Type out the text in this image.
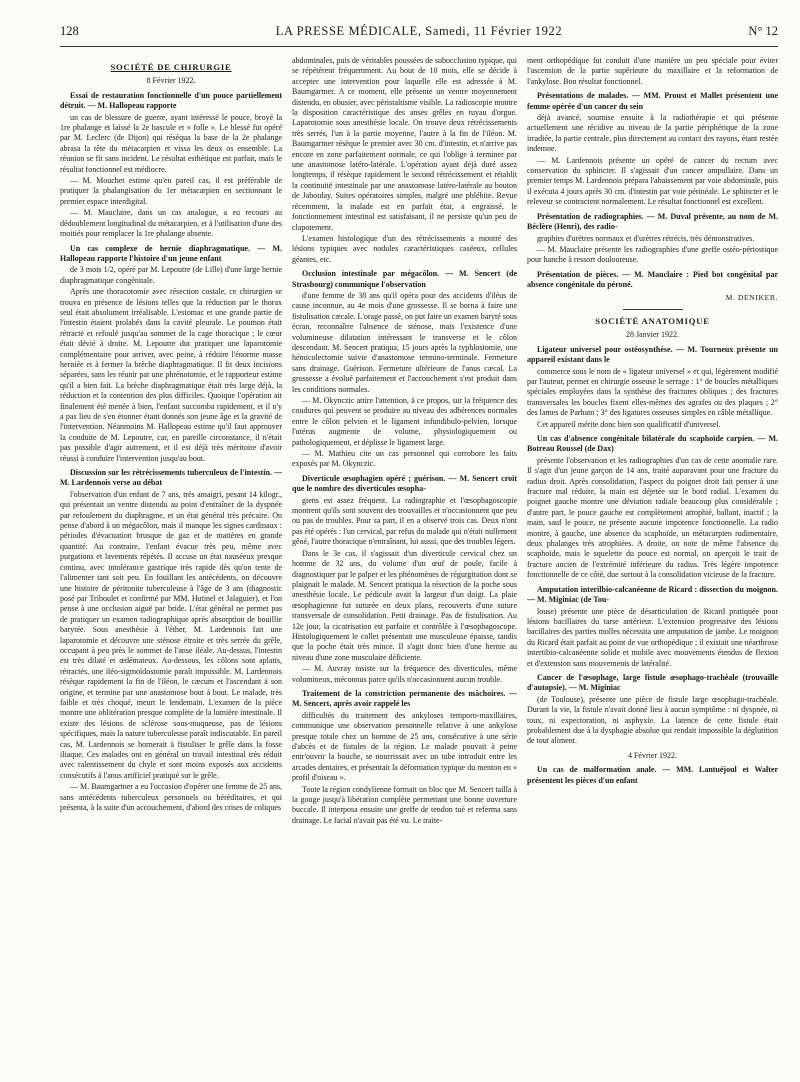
128	LA PRESSE MÉDICALE, Samedi, 11 Février 1922	N° 12
SOCIÉTÉ DE CHIRURGIE
8 Février 1922.

Essai de restauration fonctionnelle d'un pouce partiellement détruit. — M. Hallopeau rapporte

un cas de blessure de guerre, ayant intéressé le pouce, broyé la 1re phalange et laissé la 2e bascule et « folle ». Le blessé fut opéré par M. Leclerc (de Dijon) qui réséqua la base de la 2e phalange abrasa la tête du métacarpien et vissa les deux os ensemble. La réunion se fit sans incident. Le résultat esthétique est parfait, mais le résultat fonctionnel est médiocre.

— M. Mouchet estime qu'en pareil cas, il est préférable de pratiquer la phalangisation du 1er métacarpien en sectionnant le premier espace interdigital.

— M. Mauclaire, dans un cas analogue, a eu recours au dédoublement longitudinal du métacarpien, et à l'utilisation d'une des moitiés pour remplacer la 1re phalange absente.

Un cas complexe de hernie diaphragmatique. — M. Hallopeau rapporte l'histoire d'un jeune enfant

de 3 mois 1/2, opéré par M. Lepoutre (de Lille) d'une large hernie diaphragmatique congénitale.

Après une thoracotomie avec résection costale, ce chirurgien se trouva en présence de lésions telles que la réduction par le thorax seul était absolument irréalisable. L'estomac et une grande partie de l'intestin étaient prolabés dans la cavité pleurale. Le poumon était rétracté et refoulé jusqu'au sommet de la cage thoracique ; le cœur était dévié à droite. M. Lepoutre dut pratiquer une laparotomie complémentaire pour arriver, avec peine, à réduire l'énorme masse herniée et à fermer la brèche diaphragmatique. Il fit deux incisions séparées, sans les réunir par une phrénotomie, et le rapporteur estime qu'il a bien fait. La brèche diaphragmatique était très large déjà, la réduction et la contention des plus difficiles. Quoique l'opération ait finalement été menée à bien, l'enfant succomba rapidement, et il n'y a pas lieu de s'en étonner étant donnés son jeune âge et la gravité de l'intervention. Néanmoins M. Hallopeau estime qu'il faut approuver la conduite de M. Lepoutre, car, en pareille circonstance, il n'était pas possible d'agir autrement, et il est déjà très méritoire d'avoir réussi à conduire l'intervention jusqu'au bout.

Discussion sur les rétrécissements tuberculeux de l'intestin. — M. Lardennois verse au débat

l'observation d'un enfant de 7 ans, très amaigri, pesant 14 kilogr., qui présentait un ventre distendu au point d'entraîner de la dyspnée par refoulement du diaphragme, et un état général très précaire. On pense d'abord à un mégacôlon, mais il manque les signes cardinaux : périodes d'évacuation brusque de gaz et de matières en grande quantité. Au contraire, l'enfant évacue très peu, même avec purgations et lavements répétés. Il accuse un état nauséeux presque continu, avec intolérance gastrique très rapide dès qu'on tente de l'alimenter tant soit peu. En fouillant les antécédents, on découvre une histoire de péritonite tuberculeuse à l'âge de 3 ans (diagnostic posé par Triboulet et confirmé par MM. Hutinel et Jalaguier), et l'on pense à une occlusion aiguë par bride. L'état général ne permet pas de pratiquer un examen radiographique après absorption de bouillie barytée. Sous anesthésie à l'éther, M. Lardennois fait une laparotomie et découvre une sténose étroite et très serrée du grêle, occupant à peu près le sommet de l'anse iléale. Au-dessus, l'intestin est très dilaté et œdémateux. Au-dessous, les côlons sont aplatis, rétractés, une iléo-sigmoïdostomie paraît impossible. M. Lardennois résèque rapidement la fin de l'iléon, le cæcum et l'ascendant à son origine, et termine par une anastomose bout à bout. Le malade, très faible et très choqué, meurt le lendemain. L'examen de la pièce montre une oblitération presque complète de la lumière intestinale. Il existe des lésions de sclérose sous-muqueuse, pas de lésions spécifiques, mais la nature tuberculeuse paraît indiscutable. En pareil cas, M. Lardennois se bornerait à fistuliser le grêle dans la fosse iliaque. Ces malades ont en général un travail intestinal très réduit avec ralentissement du chyle et sont moins exposés aux accidents consécutifs à l'anus artificiel pratiqué sur le grêle.

— M. Baumgartner a eu l'occasion d'opérer une femme de 25 ans, sans antécédents tuberculeux personnels ou héréditaires, et qui présenta, à la suite d'un accouchement, d'abord des crises de coliques

abdominales, puis de véritables poussées de subocclusion typique, qui se répétèrent fréquemment. Au bout de 10 mois, elle se décide à accepter une intervention pour laquelle elle est adressée à M. Baumgartner. A ce moment, elle présente un ventre moyennement distendu, en obusier, avec péristaltisme visible. La radioscopie montre la disposition caractéristique des anses grêles en tuyau d'orgue. Laparotomie sous anesthésie locale. On trouve deux rétrécissements très serrés, l'un à la partie moyenne, l'autre à la fin de l'iléon. M. Baumgartner résèque le premier avec 30 cm. d'intestin, et n'arrive pas encore en zone parfaitement normale, ce qui l'oblige à terminer par une anastomose latéro-latérale. L'opération ayant déjà duré assez longtemps, il résèque rapidement le second rétrécissement et rétablit la continuité intestinale par une anastomose latéro-latérale au bouton de Jaboulay. Suites opératoires simples, malgré une phlébite. Revue récemment, la malade est en parfait état, a engraissé, le fonctionnement intestinal est satisfaisant, il ne persiste qu'un peu de clapotement.

L'examen histologique d'un des rétrécissements a montré des lésions typiques avec nodules caractéristiques caséeux, cellules géantes, etc.

Occlusion intestinale par mégacôlon. — M. Sencert (de Strasbourg) communique l'observation

d'une femme de 38 ans qu'il opéra pour des accidents d'iléus de cause inconnue, au 4e mois d'une grossesse. Il se borna à faire une fistulisation cæcale. L'orage passé, on put faire un examen baryté sous écran, reconnaître l'absence de sténose, mais l'existence d'une volumineuse dilatation intéressant le transverse et le côlon descendant. M. Sencert pratiqua, 15 jours après la typhlostomie, une hémicolectomie suivie d'anastomose termino-terminale. Fermeture sans drainage. Guérison. Fermeture ultérieure de l'anus cæcal. La grossesse a évolué parfaitement et l'accouchement s'est produit dans les conditions normales.

— M. Okynczic attire l'attention, à ce propos, sur la fréquence des coudures qui peuvent se produire au niveau des adhérences normales entre le côlon pelvien et le ligament infundibulo-pelvien, lorsque l'utérus augmente de volume, physiologiquement ou pathologiquement, et déplisse le ligament large.

— M. Mathieu cite un cas personnel qui corrobore les faits exposés par M. Okynczic.

Diverticule œsophagien opéré ; guérison. — M. Sencert croit que le nombre des diverticules œsopha-

giens est assez fréquent. La radiographie et l'œsophagoscopie montrent qu'ils sont souvent des trouvailles et n'occasionnent que peu ou pas de troubles. Pour sa part, il en a observé trois cas. Deux n'ont pas été opérés : l'un cervical, par refus du malade qui n'était nullement gêné, l'autre thoracique n'entraînant, lui aussi, que des troubles légers.

Dans le 3e cas, il s'agissait d'un diverticule cervical chez un homme de 32 ans, du volume d'un œuf de poule, facile à diagnostiquer par le palper et les phénomènes de régurgitation dont se plaignait le malade. M. Sencert pratiqua la résection de la poche sous anesthésie locale. Le pédicule avait la largeur d'un doigt. La plaie œsophagienne fut suturée en deux plans, recouverts d'une suture transversale de consolidation. Petit drainage. Pas de fistulisation. Au 12e jour, la cicatrisation est parfaite et contrôlée à l'œsophagoscope. Histologiquement le collet présentait une musculeuse épaisse, tandis que la poche était très mince. Il s'agit donc bien d'une hernie au niveau d'une zone musculaire déficiente.

— M. Auvray insiste sur la fréquence des diverticules, même volumineux, méconnus parce qu'ils n'occasionnent aucun trouble.

Traitement de la constriction permanente des mâchoires. — M. Sencert, après avoir rappelé les

difficultés du traitement des ankyloses temporo-maxillaires, communique une observation personnelle relative à une ankylose presque totale chez un homme de 25 ans, consécutive à une série d'abcès et de fistules de la région. Le malade pouvait à peine entr'ouvrir la bouche, se nourrissait avec un tube introduit entre les arcades dentaires, et présentait la déformation typique du menton en « profil d'oiseau ».

Toute la région condylienne formait un bloc que M. Sencert tailla à la gouge jusqu'à libération complète permettant une bonne ouverture buccale. Il interposa ensuite une greffe de tendon tué et referma sans drainage. Le facial n'avait pas été vu. Le traite-

ment orthopédique fut conduit d'une manière un peu spéciale pour éviter l'ascension de la partie supérieure du maxillaire et la reformation de l'ankylose. Bon résultat fonctionnel.

Présentations de malades. — MM. Proust et Mallet présentent une femme opérée d'un cancer du sein

déjà avancé, soumise ensuite à la radiothérapie et qui présente actuellement une récidive au niveau de la partie périphérique de la zone irradiée, la partie centrale, plus directement au contact des rayons, étant restée indemne.

— M. Lardennois présente un opéré de cancer du rectum avec conservation du sphincter. Il s'agissait d'un cancer ampullaire. Dans un premier temps M. Lardennois prépara l'abaissement par voie abdominale, puis il exécuta 4 jours après 30 cm. d'intestin par voie périnéale. Le sphincter et le releveur se contractent normalement. Le résultat fonctionnel est excellent.

Présentation de radiographies. — M. Duval présente, au nom de M. Béclère (Henri), des radio-

graphies d'urètres normaux et d'urètres rétrécis, très démonstratives.

— M. Mauclaire présente les radiographies d'une greffe ostéo-périostique pour hanche à ressort douloureuse.

Présentation de pièces. — M. Mauclaire : Pied bot congénital par absence congénitale du péroné.

M. DENIKER.
SOCIÉTÉ ANATOMIQUE
28 Janvier 1922.

Ligateur universel pour ostéosynthèse. — M. Tourneux présente un appareil existant dans le

commerce sous le nom de « ligateur universel » et qui, légèrement modifié par l'auteur, permet en chirurgie osseuse le serrage : 1° de boucles métalliques spéciales employées dans la synthèse des fractures obliques ; des fractures transversales les boucles fixent elles-mêmes des agrafes ou des plaques ; 2° des lames de Parham ; 3° des ligatures osseuses simples en câble métallique.

Cet appareil mérite donc bien son qualificatif d'universel.

Un cas d'absence congénitale bilatérale du scaphoïde carpien. — M. Botreau Roussel (de Dax)

présente l'observation et les radiographies d'un cas de cette anomalie rare. Il s'agit d'un jeune garçon de 14 ans, traité auparavant pour une fracture du radius droit. Après consolidation, l'aspect du poignet droit fait penser à une fracture mal réduite, la main est déjetée sur le bord radial. L'examen du poignet gauche montre une déviation radiale beaucoup plus considérable ; d'autre part, le pouce gauche est complètement atrophié, ballant, inactif ; la main, sauf le pouce, ne présente aucune impotence fonctionnelle. La radio montre, à gauche, une absence du scaphoïde, un métacarpien rudimentaire, deux phalanges très atrophiées. A droite, on note de même l'absence du scaphoïde, mais le squelette du pouce est normal, on aperçoit le trait de fracture ancien de l'extrémité inférieure du radius. Très légère impotence fonctionnelle de ce côté, due surtout à la consolidation vicieuse de la fracture.

Amputation interilbio-calcanéenne de Ricard : dissection du moignon. — M. Miginiac (de Tou-

louse) présente une pièce de désarticulation de Ricard pratiquée pour lésions bacillaires du tarse antérieur. L'extension progressive des lésions bacillaires des parties molles nécessita une amputation de jambe. Le moignon du Ricard était parfait au point de vue orthopédique ; il existait une néarthrose intertibio-calcanéenne solide et mobile avec mouvements étendus de flexion et d'extension sans mouvements de latéralité.

Cancer de l'œsophage, large fistule œsophago-trachéale (trouvaille d'autopsie). — M. Miginiac

(de Toulouse), présente une pièce de fistule large œsophago-trachéale. Durant la vie, la fistule n'avait donné lieu à aucun symptôme : ni dyspnée, ni toux, ni expectoration, ni asphyxie. La latence de cette fistule était probablement due à la dysphagie absolue qui rendait impossible la déglutition de tout aliment.

4 Février 1922.

Un cas de malformation anale. — MM. Lantuéjoul et Walter présentent les pièces d'un enfant
